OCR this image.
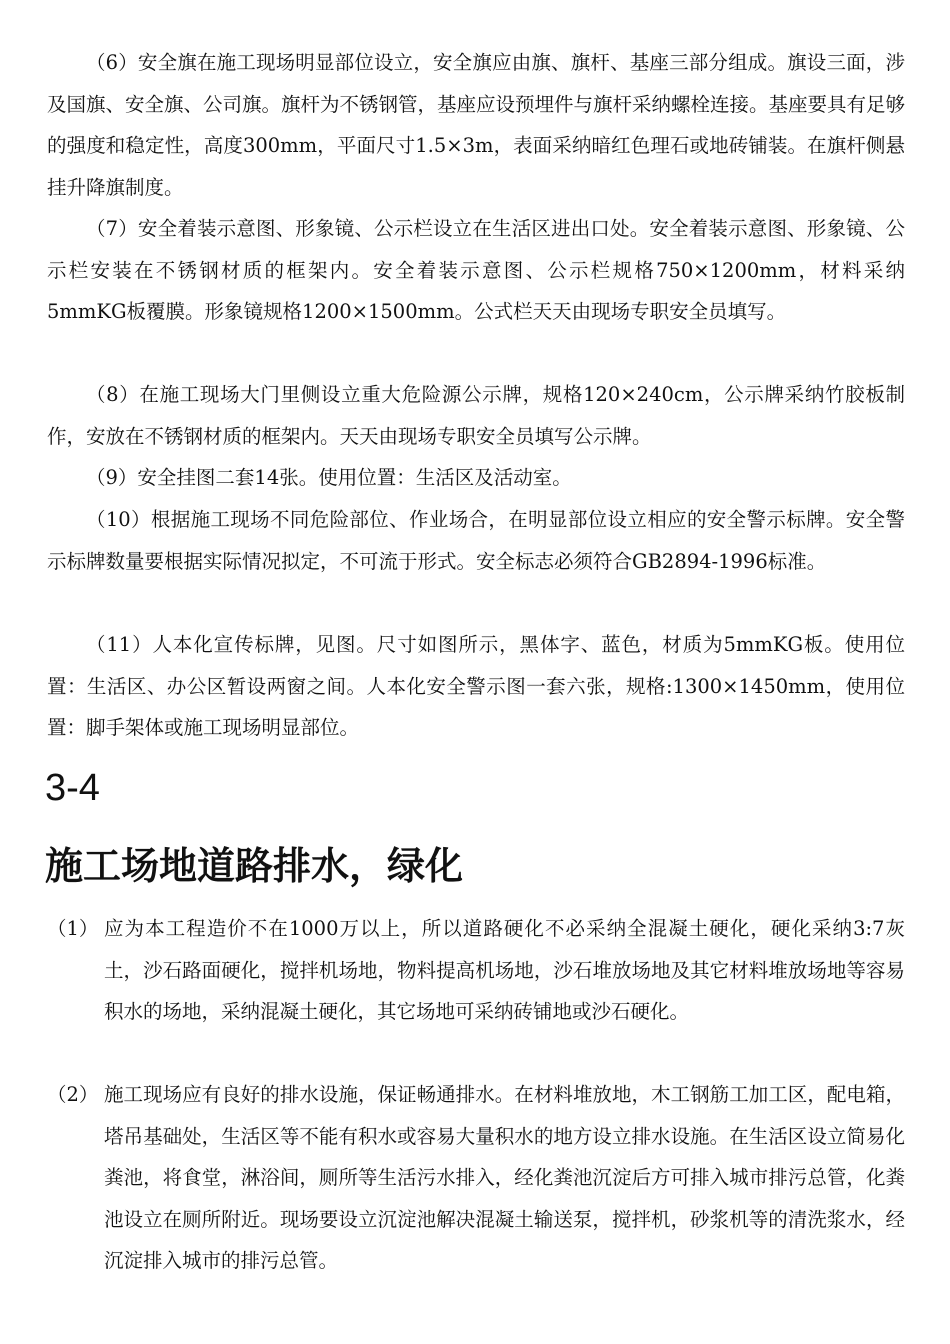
（6）安全旗在施工现场明显部位设立，安全旗应由旗、旗杆、基座三部分组成。旗设三面，涉及国旗、安全旗、公司旗。旗杆为不锈钢管，基座应设预埋件与旗杆采纳螺栓连接。基座要具有足够的强度和稳定性，高度300mm，平面尺寸1.5×3m，表面采纳暗红色理石或地砖铺装。在旗杆侧悬挂升降旗制度。

（7）安全着装示意图、形象镜、公示栏设立在生活区进出口处。安全着装示意图、形象镜、公示栏安装在不锈钢材质的框架内。安全着装示意图、公示栏规格750×1200mm，材料采纳5mmKG板覆膜。形象镜规格1200×1500mm。公式栏天天由现场专职安全员填写。

（8）在施工现场大门里侧设立重大危险源公示牌，规格120×240cm，公示牌采纳竹胶板制作，安放在不锈钢材质的框架内。天天由现场专职安全员填写公示牌。

（9）安全挂图二套14张。使用位置：生活区及活动室。

（10）根据施工现场不同危险部位、作业场合，在明显部位设立相应的安全警示标牌。安全警示标牌数量要根据实际情况拟定，不可流于形式。安全标志必须符合GB2894-1996标准。

（11）人本化宣传标牌，见图。尺寸如图所示，黑体字、蓝色，材质为5mmKG板。使用位置：生活区、办公区暂设两窗之间。人本化安全警示图一套六张，规格:1300×1450mm，使用位置：脚手架体或施工现场明显部位。

3-4
施工场地道路排水，绿化
（1） 应为本工程造价不在1000万以上，所以道路硬化不必采纳全混凝土硬化，硬化采纳3:7灰土，沙石路面硬化，搅拌机场地，物料提高机场地，沙石堆放场地及其它材料堆放场地等容易积水的场地，采纳混凝土硬化，其它场地可采纳砖铺地或沙石硬化。
（2） 施工现场应有良好的排水设施，保证畅通排水。在材料堆放地，木工钢筋工加工区，配电箱，塔吊基础处，生活区等不能有积水或容易大量积水的地方设立排水设施。在生活区设立简易化粪池，将食堂，淋浴间，厕所等生活污水排入，经化粪池沉淀后方可排入城市排污总管，化粪池设立在厕所附近。现场要设立沉淀池解决混凝土输送泵，搅拌机，砂浆机等的清洗浆水，经沉淀排入城市的排污总管。
